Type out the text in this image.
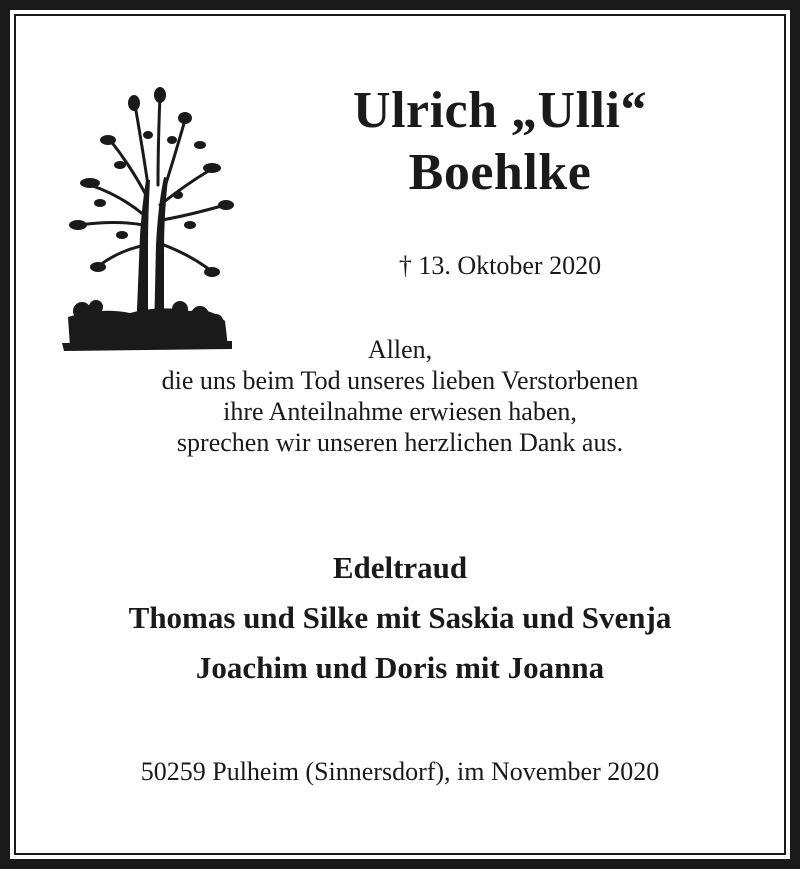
Ulrich „Ulli“
Boehlke
† 13. Oktober 2020
Allen,
die uns beim Tod unseres lieben Verstorbenen
ihre Anteilnahme erwiesen haben,
sprechen wir unseren herzlichen Dank aus.
Edeltraud
Thomas und Silke mit Saskia und Svenja
Joachim und Doris mit Joanna
50259 Pulheim (Sinnersdorf), im November 2020
